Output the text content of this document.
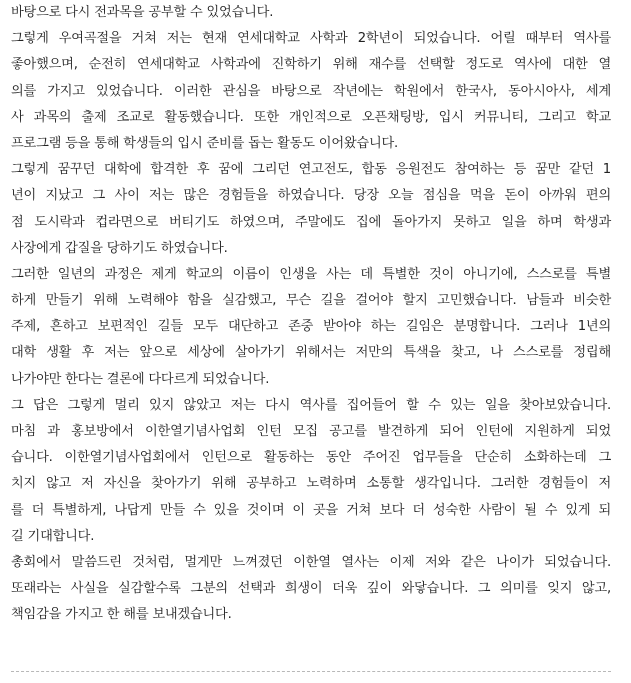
바탕으로 다시 전과목을 공부할 수 있었습니다.
그렇게 우여곡절을 거쳐 저는 현재 연세대학교 사학과 2학년이 되었습니다. 어릴 때부터 역사를
좋아했으며, 순전히 연세대학교 사학과에 진학하기 위해 재수를 선택할 정도로 역사에 대한 열
의를 가지고 있었습니다. 이러한 관심을 바탕으로 작년에는 학원에서 한국사, 동아시아사, 세계
사 과목의 출제 조교로 활동했습니다. 또한 개인적으로 오픈채팅방, 입시 커뮤니티, 그리고 학교
프로그램 등을 통해 학생들의 입시 준비를 돕는 활동도 이어왔습니다.
그렇게 꿈꾸던 대학에 합격한 후 꿈에 그리던 연고전도, 합동 응원전도 참여하는 등 꿈만 같던 1
년이 지났고 그 사이 저는 많은 경험들을 하였습니다. 당장 오늘 점심을 먹을 돈이 아까워 편의
점 도시락과 컵라면으로 버티기도 하였으며, 주말에도 집에 돌아가지 못하고 일을 하며 학생과
사장에게 갑질을 당하기도 하였습니다.
그러한 일년의 과정은 제게 학교의 이름이 인생을 사는 데 특별한 것이 아니기에, 스스로를 특별
하게 만들기 위해 노력해야 함을 실감했고, 무슨 길을 걸어야 할지 고민했습니다. 남들과 비슷한
주제, 흔하고 보편적인 길들 모두 대단하고 존중 받아야 하는 길임은 분명합니다. 그러나 1년의
대학 생활 후 저는 앞으로 세상에 살아가기 위해서는 저만의 특색을 찾고, 나 스스로를 정립해
나가야만 한다는 결론에 다다르게 되었습니다.
그 답은 그렇게 멀리 있지 않았고 저는 다시 역사를 집어들어 할 수 있는 일을 찾아보았습니다.
마침 과 홍보방에서 이한열기념사업회 인턴 모집 공고를 발견하게 되어 인턴에 지원하게 되었
습니다. 이한열기념사업회에서 인턴으로 활동하는 동안 주어진 업무들을 단순히 소화하는데 그
치지 않고 저 자신을 찾아가기 위해 공부하고 노력하며 소통할 생각입니다. 그러한 경험들이 저
를 더 특별하게, 나답게 만들 수 있을 것이며 이 곳을 거쳐 보다 더 성숙한 사람이 될 수 있게 되
길 기대합니다.
총회에서 말씀드린 것처럼, 멀게만 느껴졌던 이한열 열사는 이제 저와 같은 나이가 되었습니다.
또래라는 사실을 실감할수록 그분의 선택과 희생이 더욱 깊이 와닿습니다. 그 의미를 잊지 않고,
책임감을 가지고 한 해를 보내겠습니다.
